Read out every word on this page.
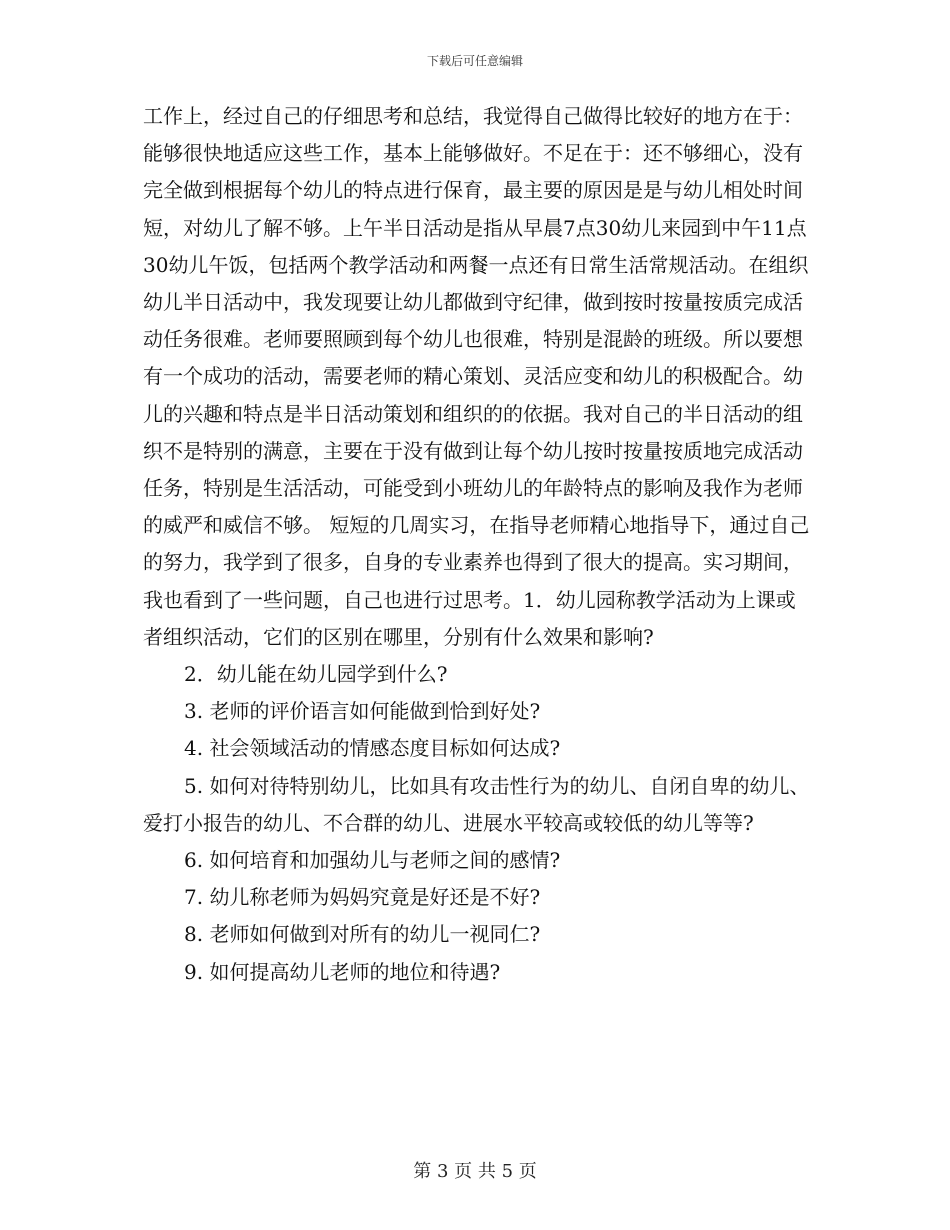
下载后可任意编辑

工作上，经过自己的仔细思考和总结，我觉得自己做得比较好的地方在于：能够很快地适应这些工作，基本上能够做好。不足在于：还不够细心，没有完全做到根据每个幼儿的特点进行保育，最主要的原因是是与幼儿相处时间短，对幼儿了解不够。上午半日活动是指从早晨7点30幼儿来园到中午11点30幼儿午饭，包括两个教学活动和两餐一点还有日常生活常规活动。在组织幼儿半日活动中，我发现要让幼儿都做到守纪律，做到按时按量按质完成活动任务很难。老师要照顾到每个幼儿也很难，特别是混龄的班级。所以要想有一个成功的活动，需要老师的精心策划、灵活应变和幼儿的积极配合。幼儿的兴趣和特点是半日活动策划和组织的的依据。我对自己的半日活动的组织不是特别的满意，主要在于没有做到让每个幼儿按时按量按质地完成活动任务，特别是生活活动，可能受到小班幼儿的年龄特点的影响及我作为老师的威严和威信不够。 短短的几周实习，在指导老师精心地指导下，通过自己的努力，我学到了很多，自身的专业素养也得到了很大的提高。实习期间，我也看到了一些问题，自己也进行过思考。1．幼儿园称教学活动为上课或者组织活动，它们的区别在哪里，分别有什么效果和影响?

2．幼儿能在幼儿园学到什么?

3. 老师的评价语言如何能做到恰到好处?

4. 社会领域活动的情感态度目标如何达成?

5. 如何对待特别幼儿，比如具有攻击性行为的幼儿、自闭自卑的幼儿、爱打小报告的幼儿、不合群的幼儿、进展水平较高或较低的幼儿等等?

6. 如何培育和加强幼儿与老师之间的感情?

7. 幼儿称老师为妈妈究竟是好还是不好?

8. 老师如何做到对所有的幼儿一视同仁?

9. 如何提高幼儿老师的地位和待遇?

第 3 页 共 5 页
